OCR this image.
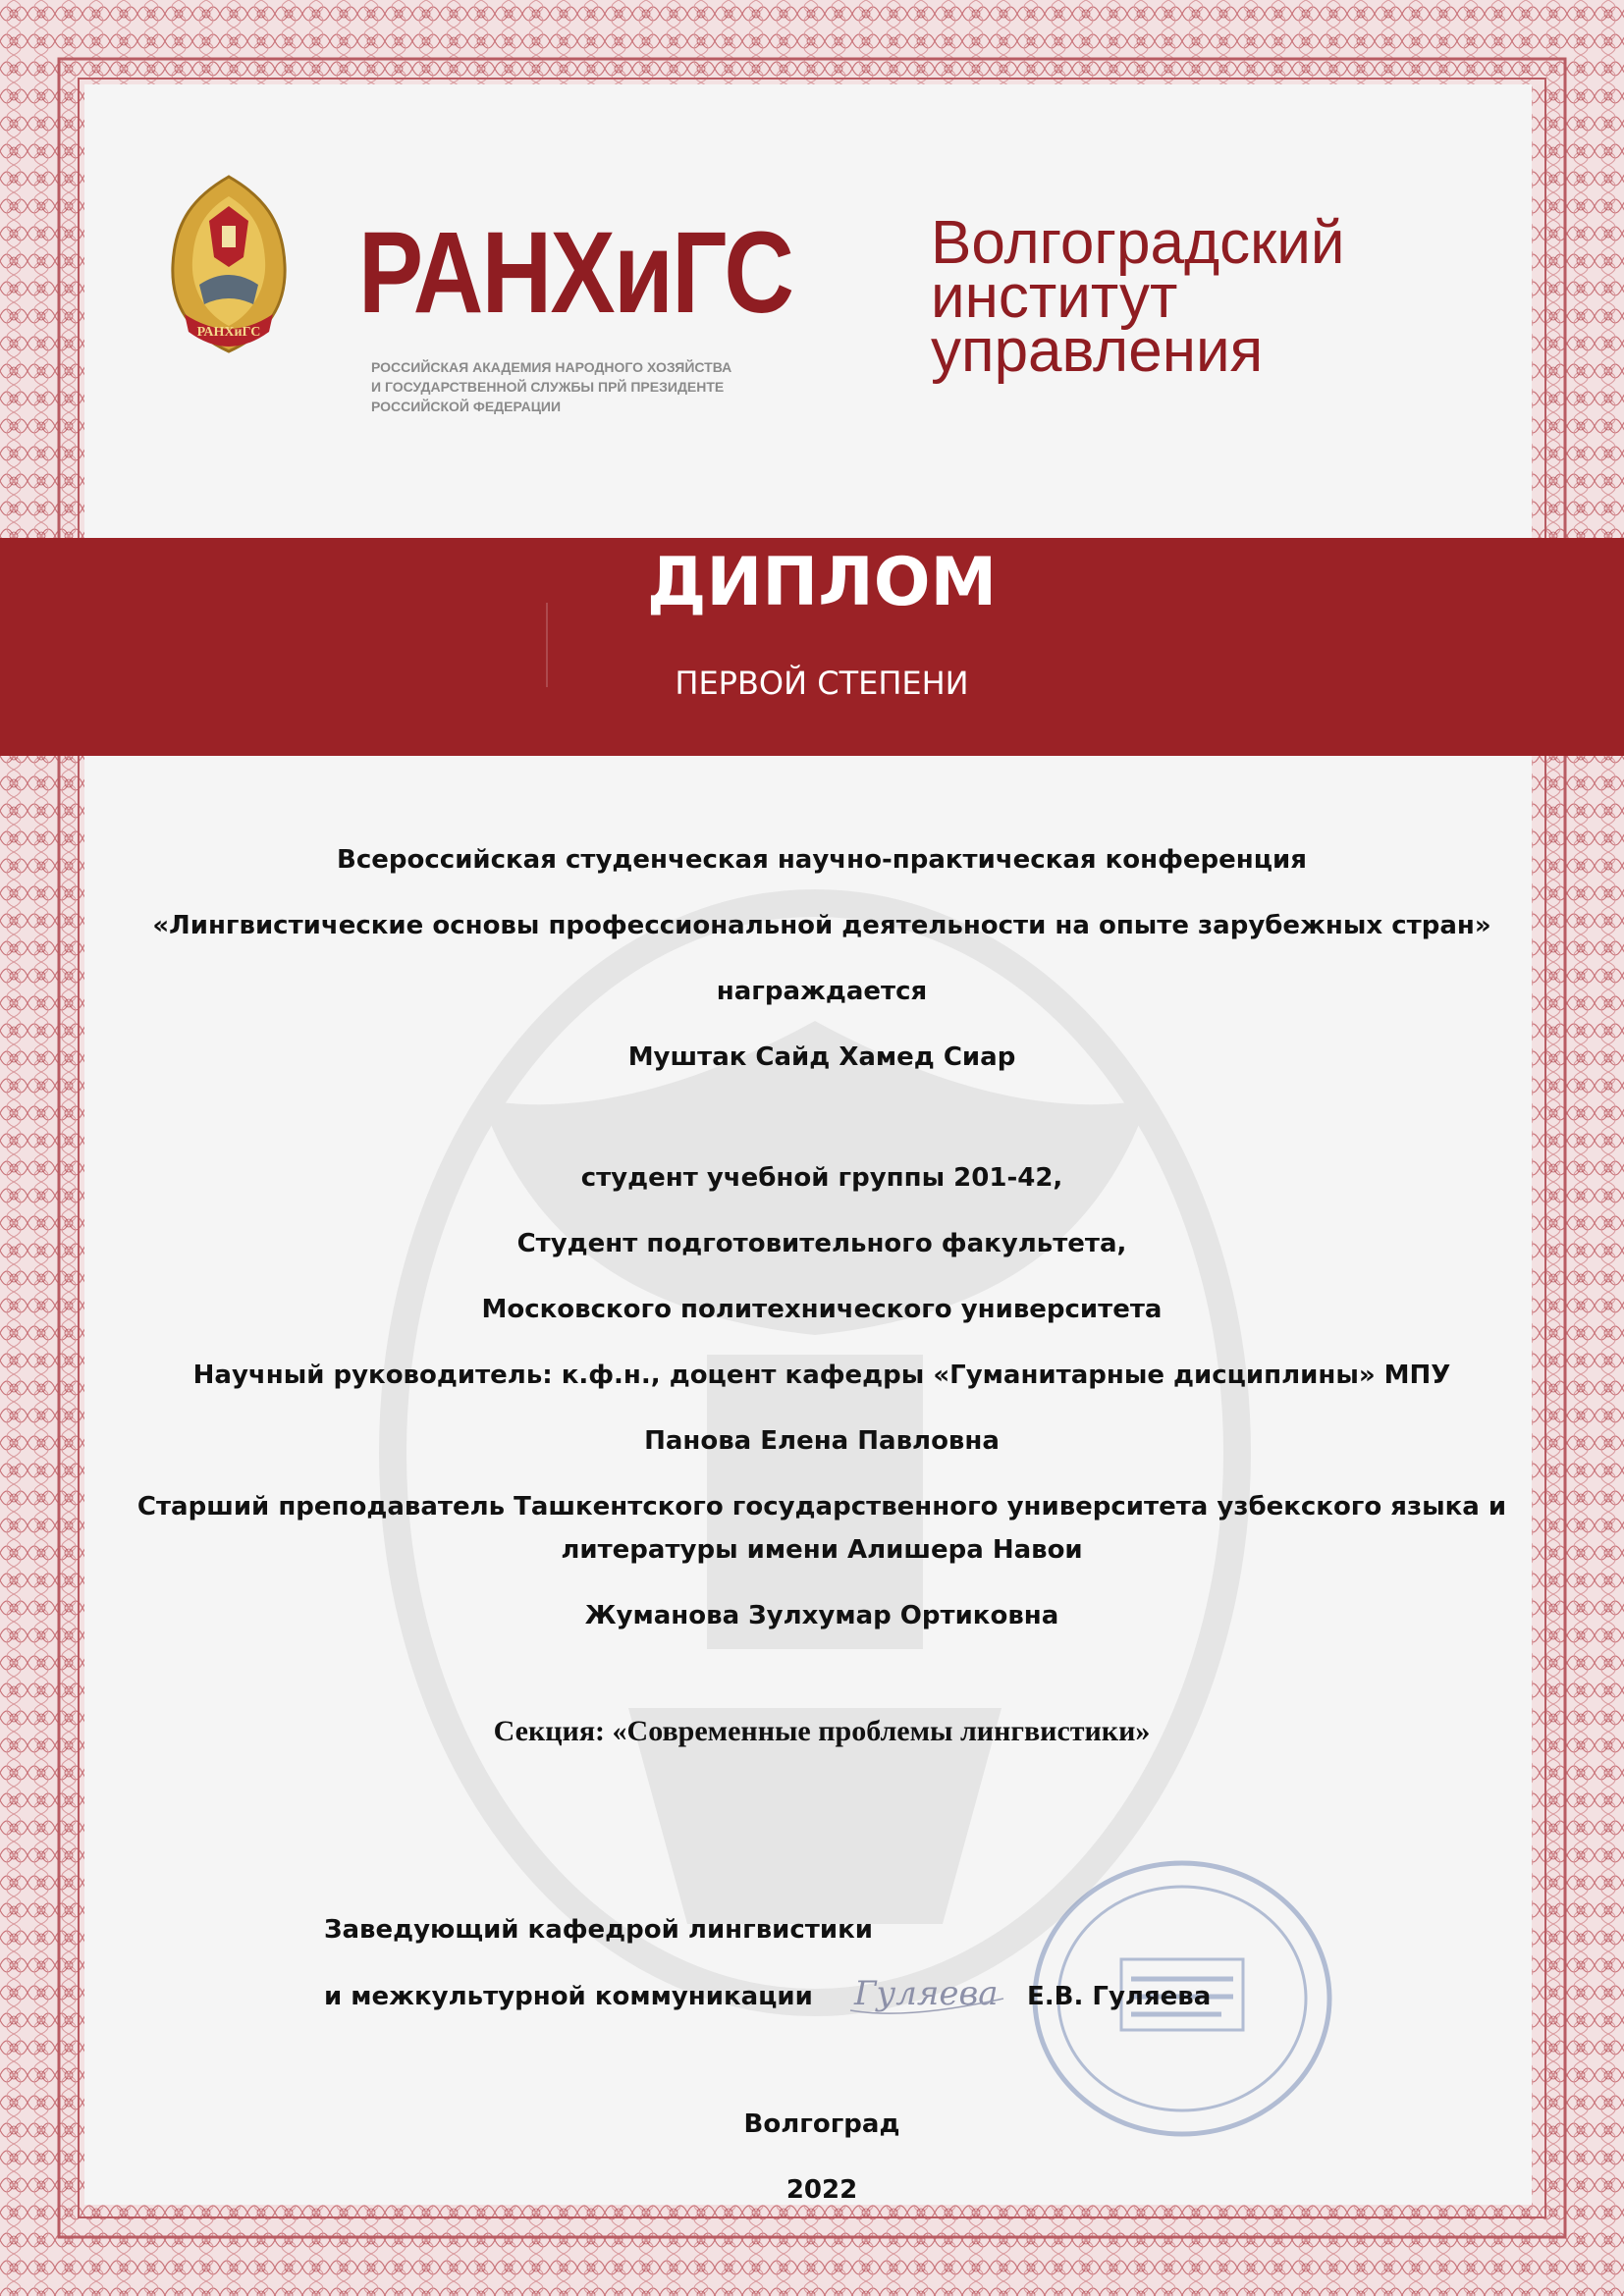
РАНХиГС РАНХиГС
РОССИЙСКАЯ АКАДЕМИЯ НАРОДНОГО ХОЗЯЙСТВА
И ГОСУДАРСТВЕННОЙ СЛУЖБЫ ПРЙ ПРЕЗИДЕНТЕ
РОССИЙСКОЙ ФЕДЕРАЦИИ
Волгоградский
институт
управления
ДИПЛОМ
ПЕРВОЙ СТЕПЕНИ
Всероссийская студенческая научно-практическая конференция
«Лингвистические основы профессиональной деятельности на опыте зарубежных стран»
награждается
Муштак Сайд Хамед Сиар
студент учебной группы 201-42,
Студент подготовительного факультета,
Московского политехнического университета
Научный руководитель: к.ф.н., доцент кафедры «Гуманитарные дисциплины» МПУ
Панова Елена Павловна
Старший преподаватель Ташкентского государственного университета узбекского языка и
литературы имени Алишера Навои
Жуманова Зулхумар Ортиковна
Секция: «Современные проблемы лингвистики»
Заведующий кафедрой лингвистики
и межкультурной коммуникации Гуляева Е.В. Гуляева
Волгоград
2022
